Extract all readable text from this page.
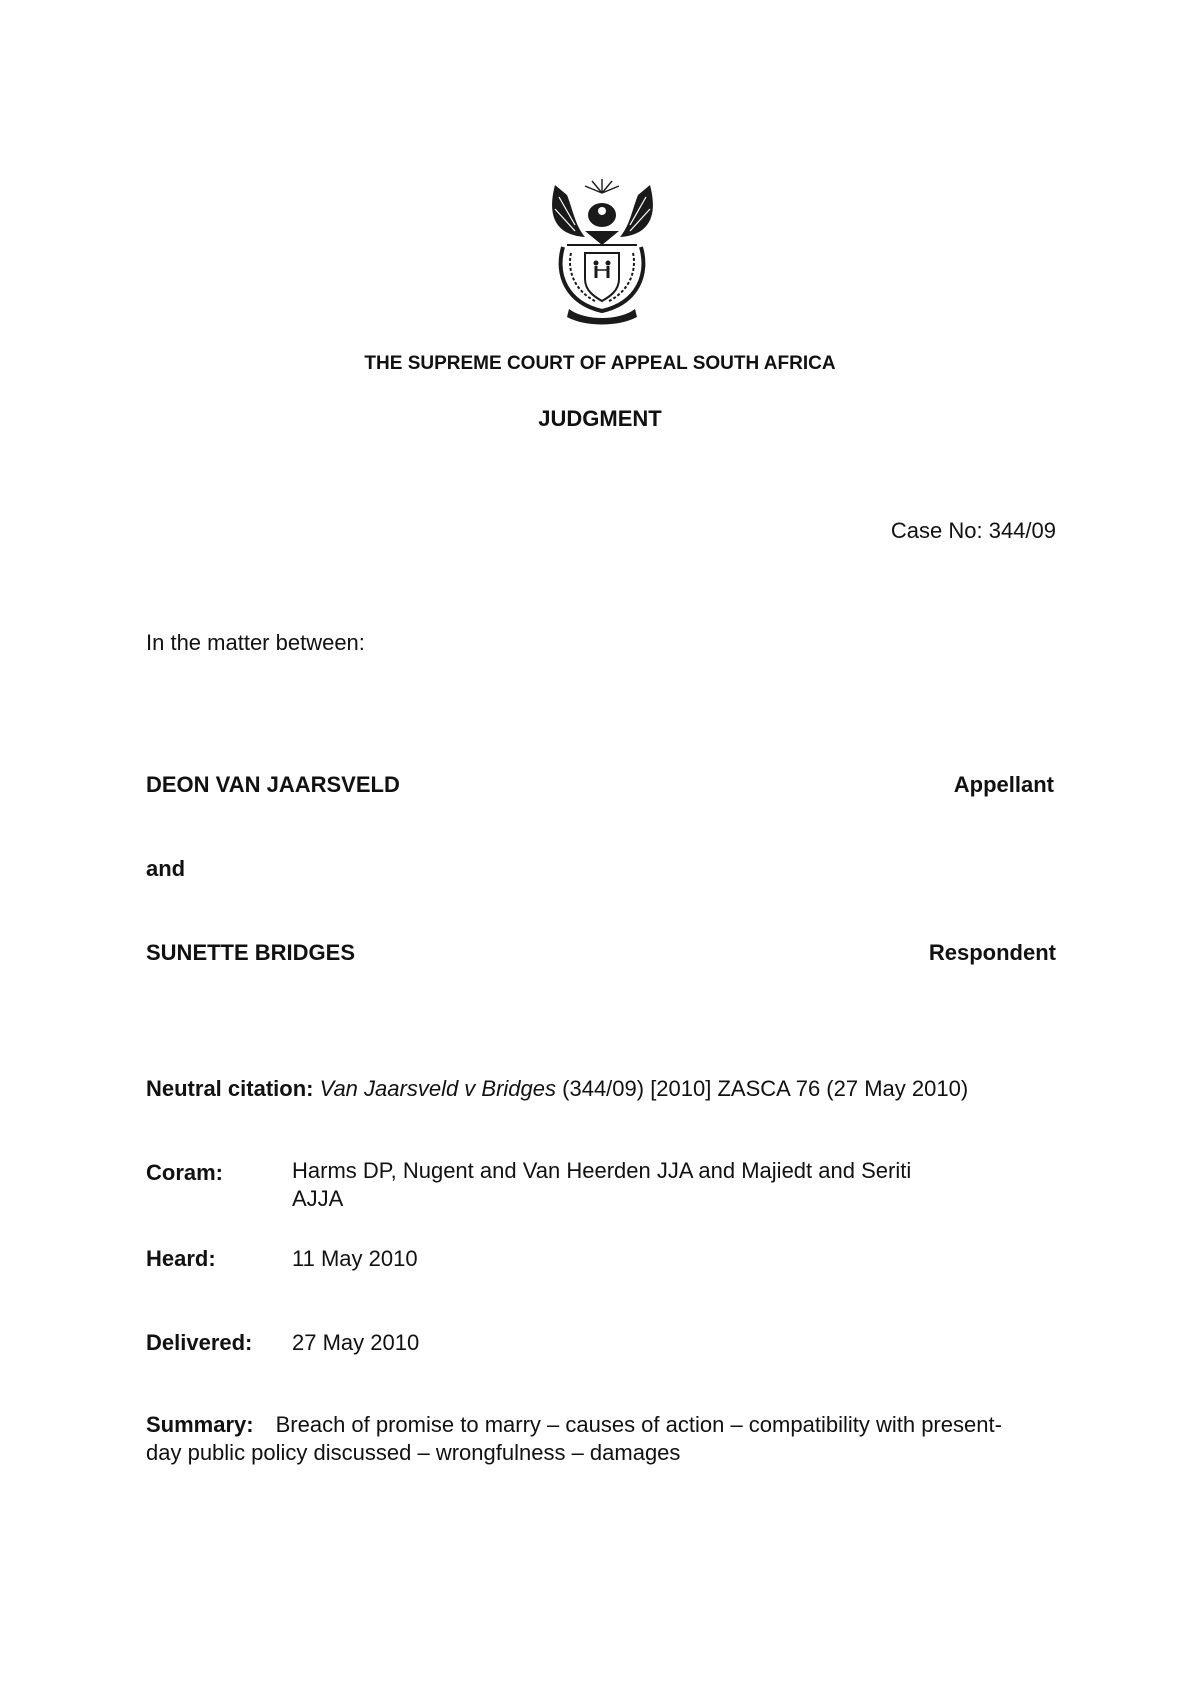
THE SUPREME COURT OF APPEAL SOUTH AFRICA
JUDGMENT
Case No: 344/09
In the matter between:
DEON VAN JAARSVELD	Appellant
and
SUNETTE BRIDGES	Respondent
Neutral citation: Van Jaarsveld v Bridges (344/09) [2010] ZASCA 76 (27 May 2010)
Coram:	Harms DP, Nugent and Van Heerden JJA and Majiedt and Seriti AJJA
Heard:	11 May 2010
Delivered: 27 May 2010
Summary: Breach of promise to marry – causes of action – compatibility with present-day public policy discussed – wrongfulness – damages
